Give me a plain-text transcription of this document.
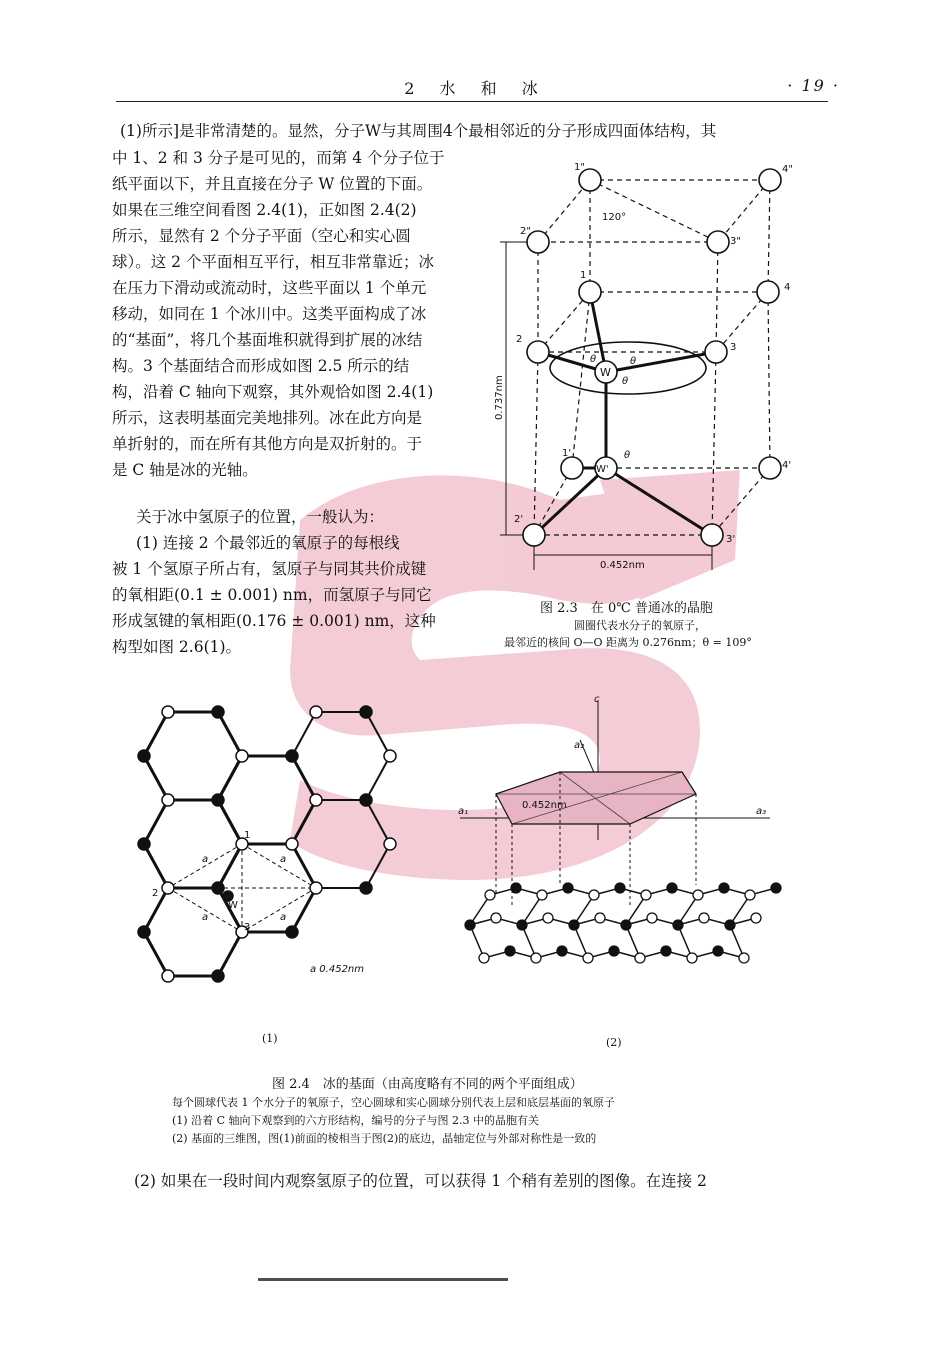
2 水 和 冰	· 19 ·
(1)所示]是非常清楚的。显然，分子W与其周围4个最相邻近的分子形成四面体结构，其
中 1、2 和 3 分子是可见的，而第 4 个分子位于
纸平面以下，并且直接在分子 W 位置的下面。
如果在三维空间看图 2.4(1)，正如图 2.4(2)
所示，显然有 2 个分子平面（空心和实心圆
球）。这 2 个平面相互平行，相互非常靠近；冰
在压力下滑动或流动时，这些平面以 1 个单元
移动，如同在 1 个冰川中。这类平面构成了冰
的“基面”，将几个基面堆积就得到扩展的冰结
构。3 个基面结合而形成如图 2.5 所示的结
构，沿着 C 轴向下观察，其外观恰如图 2.4(1)
所示，这表明基面完美地排列。冰在此方向是
单折射的，而在所有其他方向是双折射的。于
是 C 轴是冰的光轴。
关于冰中氢原子的位置，一般认为：
(1) 连接 2 个最邻近的氧原子的每根线
被 1 个氢原子所占有，氢原子与同其共价成键
的氧相距(0.1 ± 0.001) nm，而氢原子与同它
形成氢键的氧相距(0.176 ± 0.001) nm，这种
构型如图 2.6(1)。
1"	4"
2"
3"
1
4
2
3
W
1'
W'	4'
2'
3'
120°
θ	θ
θ
θ
0.452nm
0.737nm
图 2.3　在 0℃ 普通冰的晶胞
圆圈代表水分子的氧原子，
最邻近的核间 O—O 距离为 0.276nm；θ = 109°
1
2
3
W
a	a
a	a
a 0.452nm
c
a₂
a₁	a₃
0.452nm
(1)	(2)
图 2.4　冰的基面（由高度略有不同的两个平面组成）
每个圆球代表 1 个水分子的氧原子，空心圆球和实心圆球分别代表上层和底层基面的氧原子
(1) 沿着 C 轴向下观察到的六方形结构，编号的分子与图 2.3 中的晶胞有关
(2) 基面的三维图，图(1)前面的棱相当于图(2)的底边，晶轴定位与外部对称性是一致的
(2) 如果在一段时间内观察氢原子的位置，可以获得 1 个稍有差别的图像。在连接 2
